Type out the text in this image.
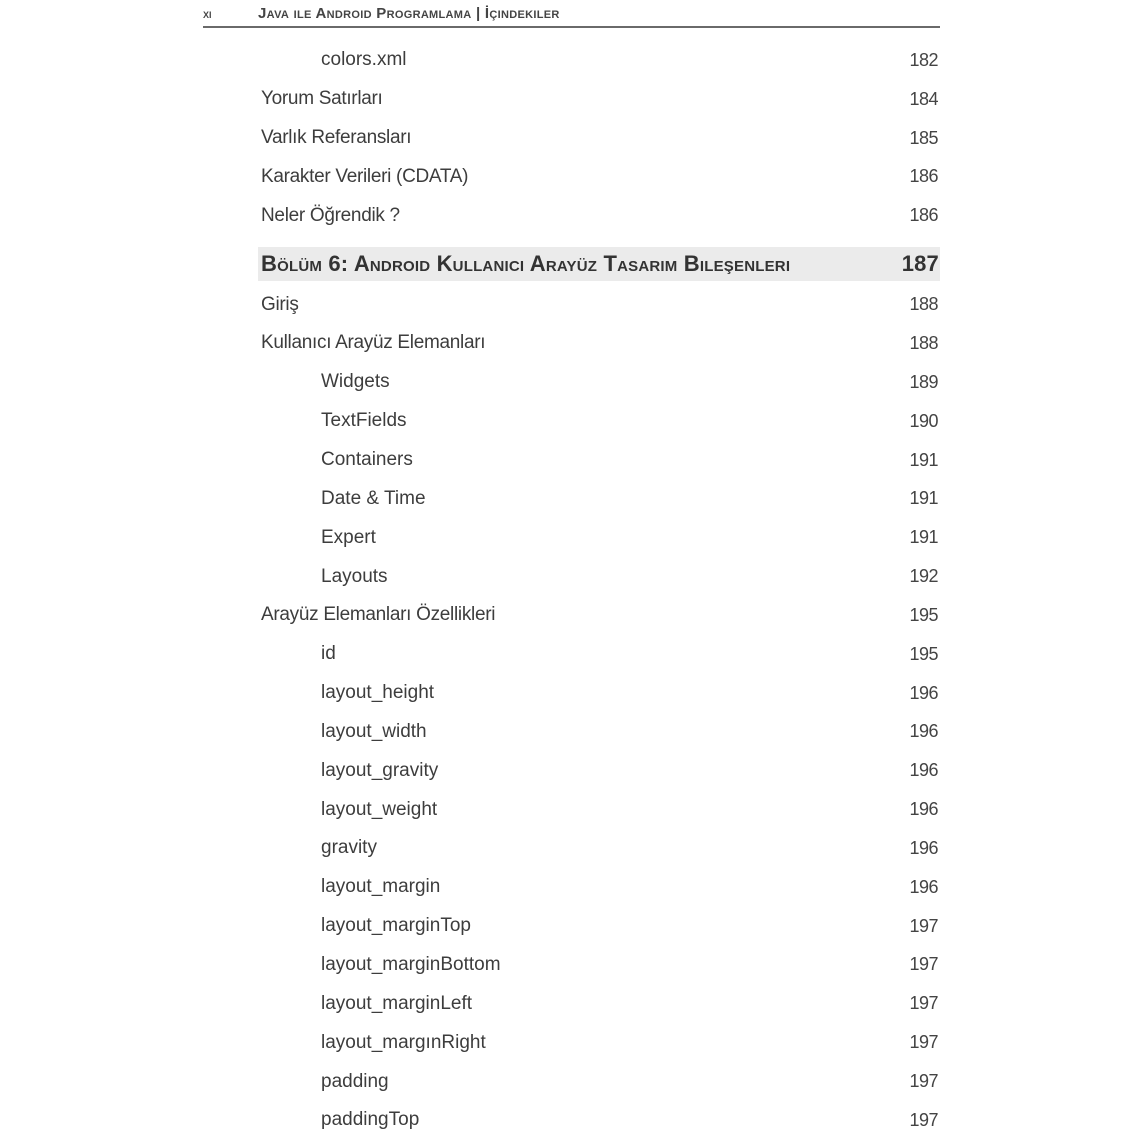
xi	Java ile Android Programlama | İçindekiler
colors.xml	182
Yorum Satırları	184
Varlık Referansları	185
Karakter Verileri (CDATA)	186
Neler Öğrendik ?	186
Bölüm 6: Android Kullanıcı Arayüz Tasarım Bileşenleri	187
Giriş	188
Kullanıcı Arayüz Elemanları	188
Widgets	189
TextFields	190
Containers	191
Date & Time	191
Expert	191
Layouts	192
Arayüz Elemanları Özellikleri	195
id	195
layout_height	196
layout_width	196
layout_gravity	196
layout_weight	196
gravity	196
layout_margin	196
layout_marginTop	197
layout_marginBottom	197
layout_marginLeft	197
layout_margınRight	197
padding	197
paddingTop	197
